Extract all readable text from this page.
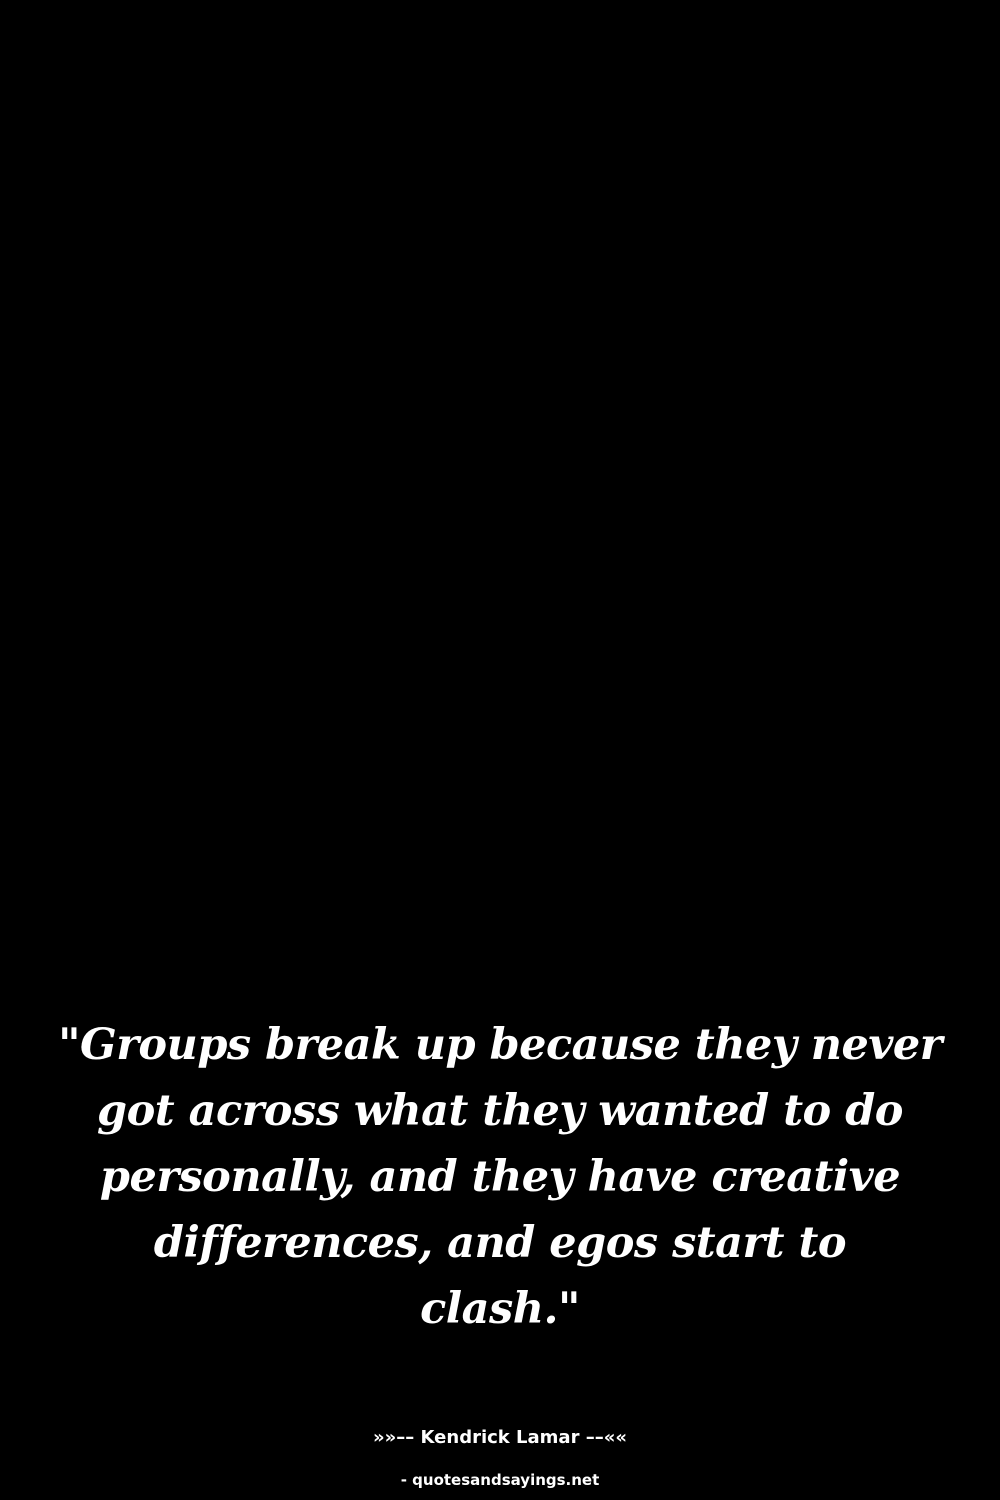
"Groups break up because they never
got across what they wanted to do
personally, and they have creative
differences, and egos start to
clash."

»»–– Kendrick Lamar ––««

- quotesandsayings.net
